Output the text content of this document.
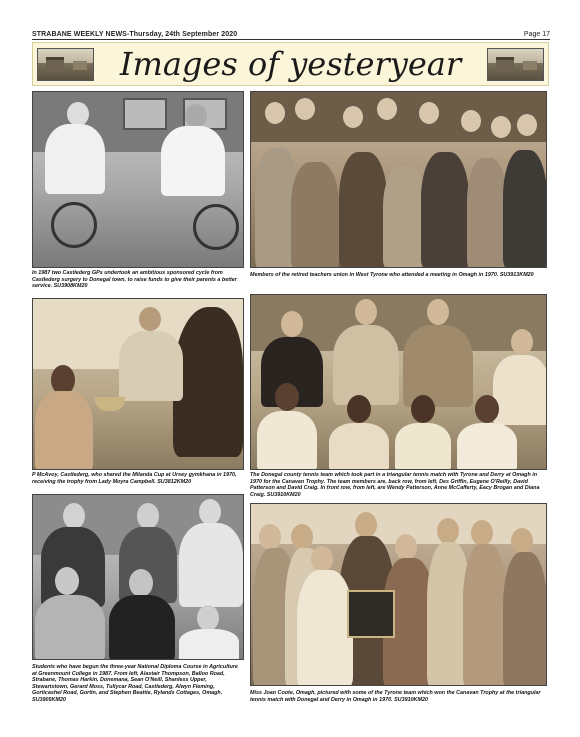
STRABANE WEEKLY NEWS-Thursday, 24th September 2020	Page 17
Images of yesteryear

In 1987 two Castlederg GPs undertook an ambitious sponsored cycle from Castlederg surgery to Donegal town, to raise funds to give their parents a better service. SU3908KM20

Members of the retired teachers union in West Tyrone who attended a meeting in Omagh in 1970. SU3913KM20

P McAvoy, Castlederg, who shared the Milanda Cup at Ursey gymkhana in 1970, receiving the trophy from Lady Moyra Campbell. SU3812KM20

The Donegal county tennis team which took part in a triangular tennis match with Tyrone and Derry at Omagh in 1970 for the Canavan Trophy. The team members are, back row, from left, Des Griffin, Eugene O'Reilly, David Patterson and David Craig. In front row, from left, are Wendy Patterson, Anne McCafferty, Eacy Brogan and Diana Craig. SU3910KM20

Students who have begun the three-year National Diploma Course in Agriculture at Greenmount College in 1987. From left, Alastair Thompson, Balloo Road, Strabane, Thomas Harkin, Donemana, Sean O'Neill, Shanless Upper, Stewartstown, Gerard Moss, Tullycar Road, Castlederg, Alwyn Fleming, Gorticashel Road, Gortin, and Stephen Beattie, Rylands Cottages, Omagh. SU3905KM20

Miss Joan Coote, Omagh, pictured with some of the Tyrone team which won the Canavan Trophy at the triangular tennis match with Donegal and Derry in Omagh in 1970. SU3910KM20
